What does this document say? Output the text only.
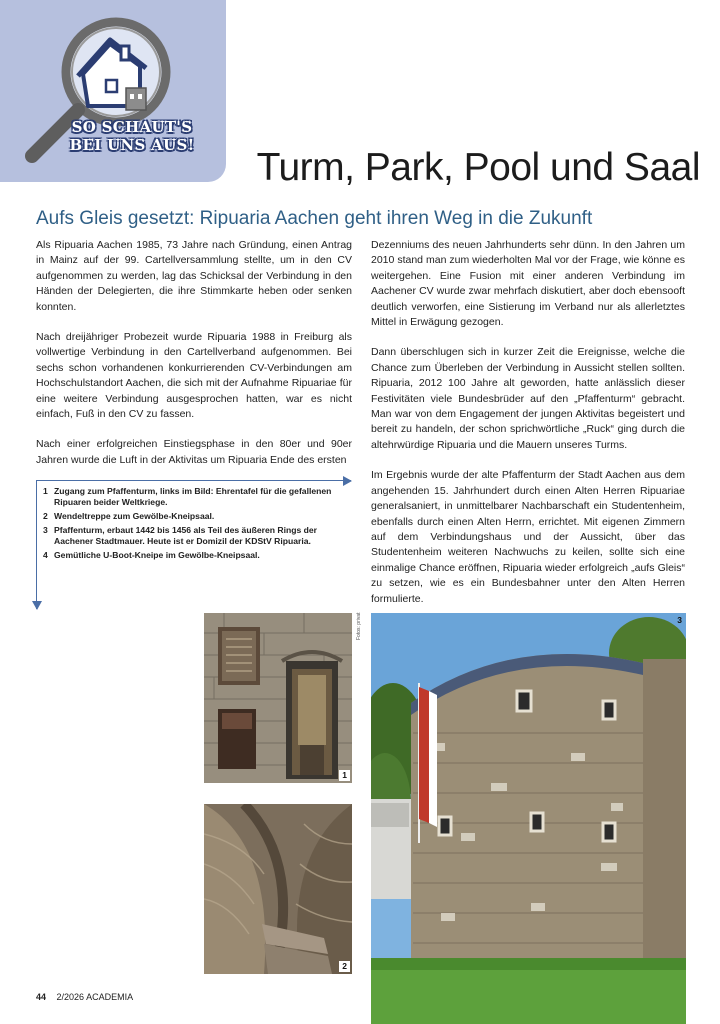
SO SCHAUT'S
BEI UNS AUS!
Turm, Park, Pool und Saal
Aufs Gleis gesetzt: Ripuaria Aachen geht ihren Weg in die Zukunft

Als Ripuaria Aachen 1985, 73 Jahre nach Gründung, einen Antrag in Mainz auf der 99. Cartellversammlung stellte, um in den CV aufgenommen zu werden, lag das Schicksal der Verbindung in den Händen der Delegierten, die ihre Stimmkarte heben oder senken konnten.

Nach dreijähriger Probezeit wurde Ripuaria 1988 in Freiburg als vollwertige Verbindung in den Cartellverband aufgenommen. Bei sechs schon vorhandenen konkurrierenden CV-Verbindungen am Hochschulstandort Aachen, die sich mit der Aufnahme Ripuariae für eine weitere Verbindung ausgesprochen hatten, war es nicht einfach, Fuß in den CV zu fassen.

Nach einer erfolgreichen Einstiegsphase in den 80er und 90er Jahren wurde die Luft in der Aktivitas um Ripuaria Ende des ersten

Dezenniums des neuen Jahrhunderts sehr dünn. In den Jahren um 2010 stand man zum wiederholten Mal vor der Frage, wie könne es weitergehen. Eine Fusion mit einer anderen Verbindung im Aachener CV wurde zwar mehrfach diskutiert, aber doch ebensooft deutlich verworfen, eine Sistierung im Verband nur als allerletztes Mittel in Erwägung gezogen.

Dann überschlugen sich in kurzer Zeit die Ereignisse, welche die Chance zum Überleben der Verbindung in Aussicht stellen sollten. Ripuaria, 2012 100 Jahre alt geworden, hatte anlässlich dieser Festivitäten viele Bundesbrüder auf den „Pfaffenturm“ gebracht. Man war von dem Engagement der jungen Aktivitas begeistert und bereit zu handeln, der schon sprichwörtliche „Ruck“ ging durch die altehrwürdige Ripuaria und die Mauern unseres Turms.

Im Ergebnis wurde der alte Pfaffenturm der Stadt Aachen aus dem angehenden 15. Jahrhundert durch einen Alten Herren Ripuariae generalsaniert, in unmittelbarer Nachbarschaft ein Studentenheim, ebenfalls durch einen Alten Herrn, errichtet. Mit eigenen Zimmern auf dem Verbindungshaus und der Aussicht, über das Studentenheim weiteren Nachwuchs zu keilen, sollte sich eine einmalige Chance eröffnen, Ripuaria wieder erfolgreich „aufs Gleis“ zu setzen, wie es ein Bundesbahner unter den Alten Herren formulierte.

1 Zugang zum Pfaffenturm, links im Bild: Ehrentafel für die gefallenen Ripuaren beider Weltkriege.
2 Wendeltreppe zum Gewölbe-Kneipsaal.
3 Pfaffenturm, erbaut 1442 bis 1456 als Teil des äußeren Rings der Aachener Stadtmauer. Heute ist er Domizil der KDStV Ripuaria.
4 Gemütliche U-Boot-Kneipe im Gewölbe-Kneipsaal.
1
2
Fotos: privat	3
44 2/2026 ACADEMIA
